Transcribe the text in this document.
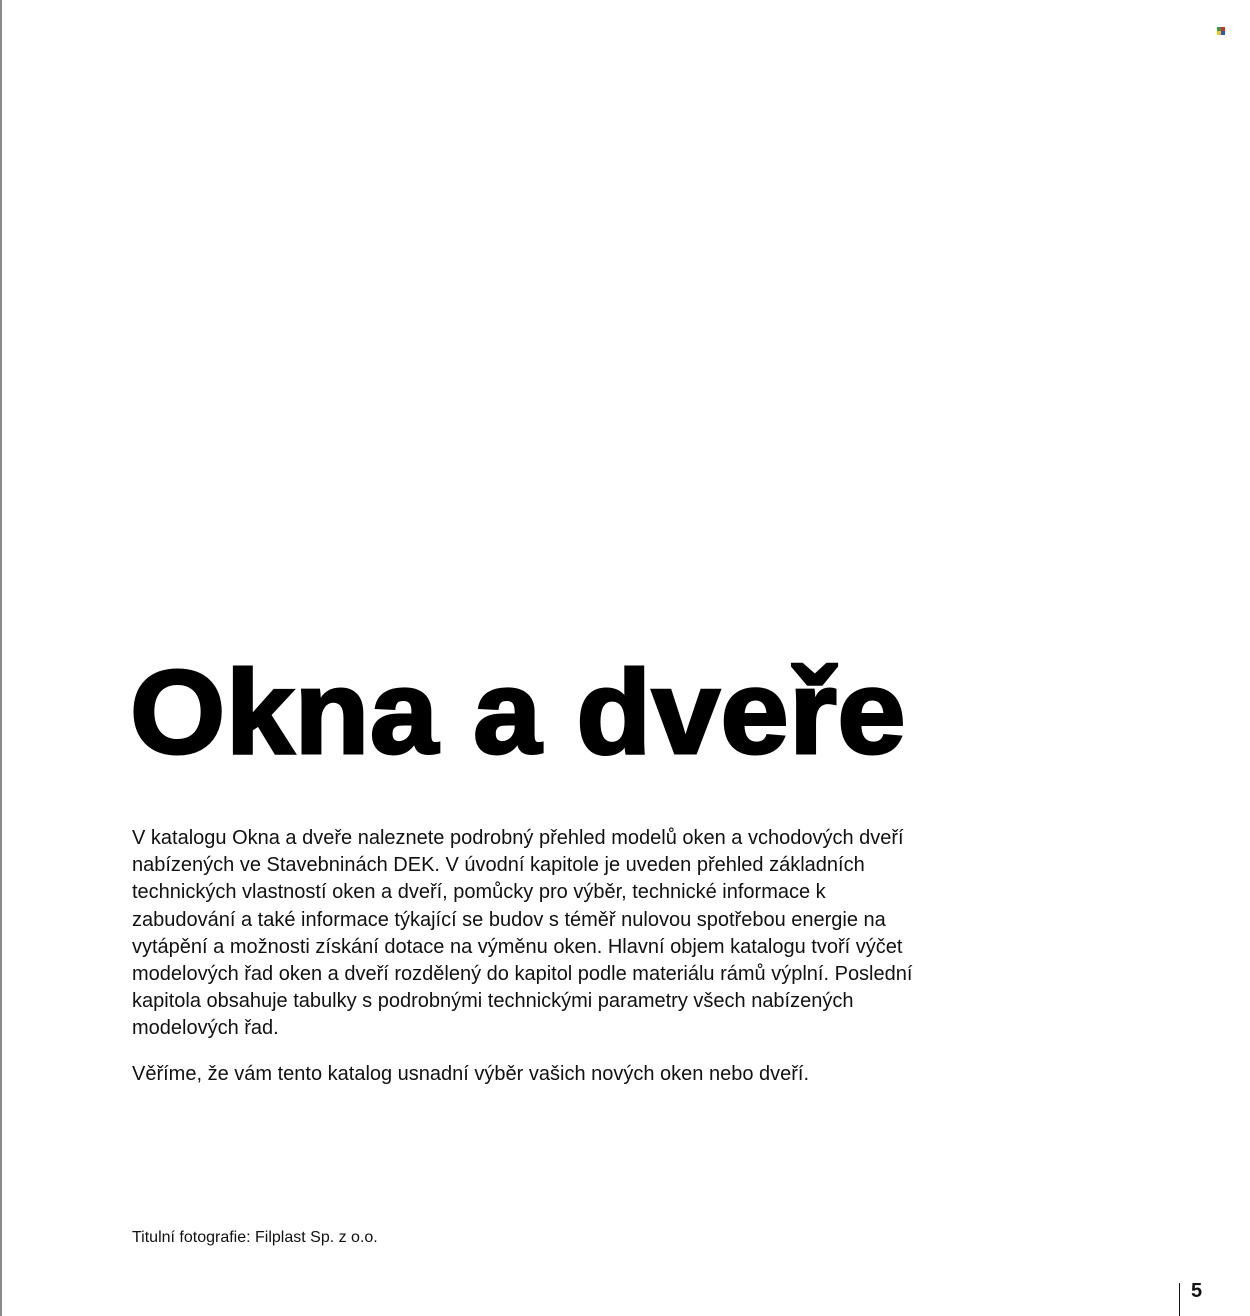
Okna a dveře

V katalogu Okna a dveře naleznete podrobný přehled modelů oken a vchodových dveří nabízených ve Stavebninách DEK. V úvodní kapitole je uveden přehled základních technických vlastností oken a dveří, pomůcky pro výběr, technické informace k zabudování a také informace týkající se budov s téměř nulovou spotřebou energie na vytápění a možnosti získání dotace na výměnu oken. Hlavní objem katalogu tvoří výčet modelových řad oken a dveří rozdělený do kapitol podle materiálu rámů výplní. Poslední kapitola obsahuje tabulky s podrobnými technickými parametry všech nabízených modelových řad.

Věříme, že vám tento katalog usnadní výběr vašich nových oken nebo dveří.

Titulní fotografie: Filplast Sp. z o.o.

5
